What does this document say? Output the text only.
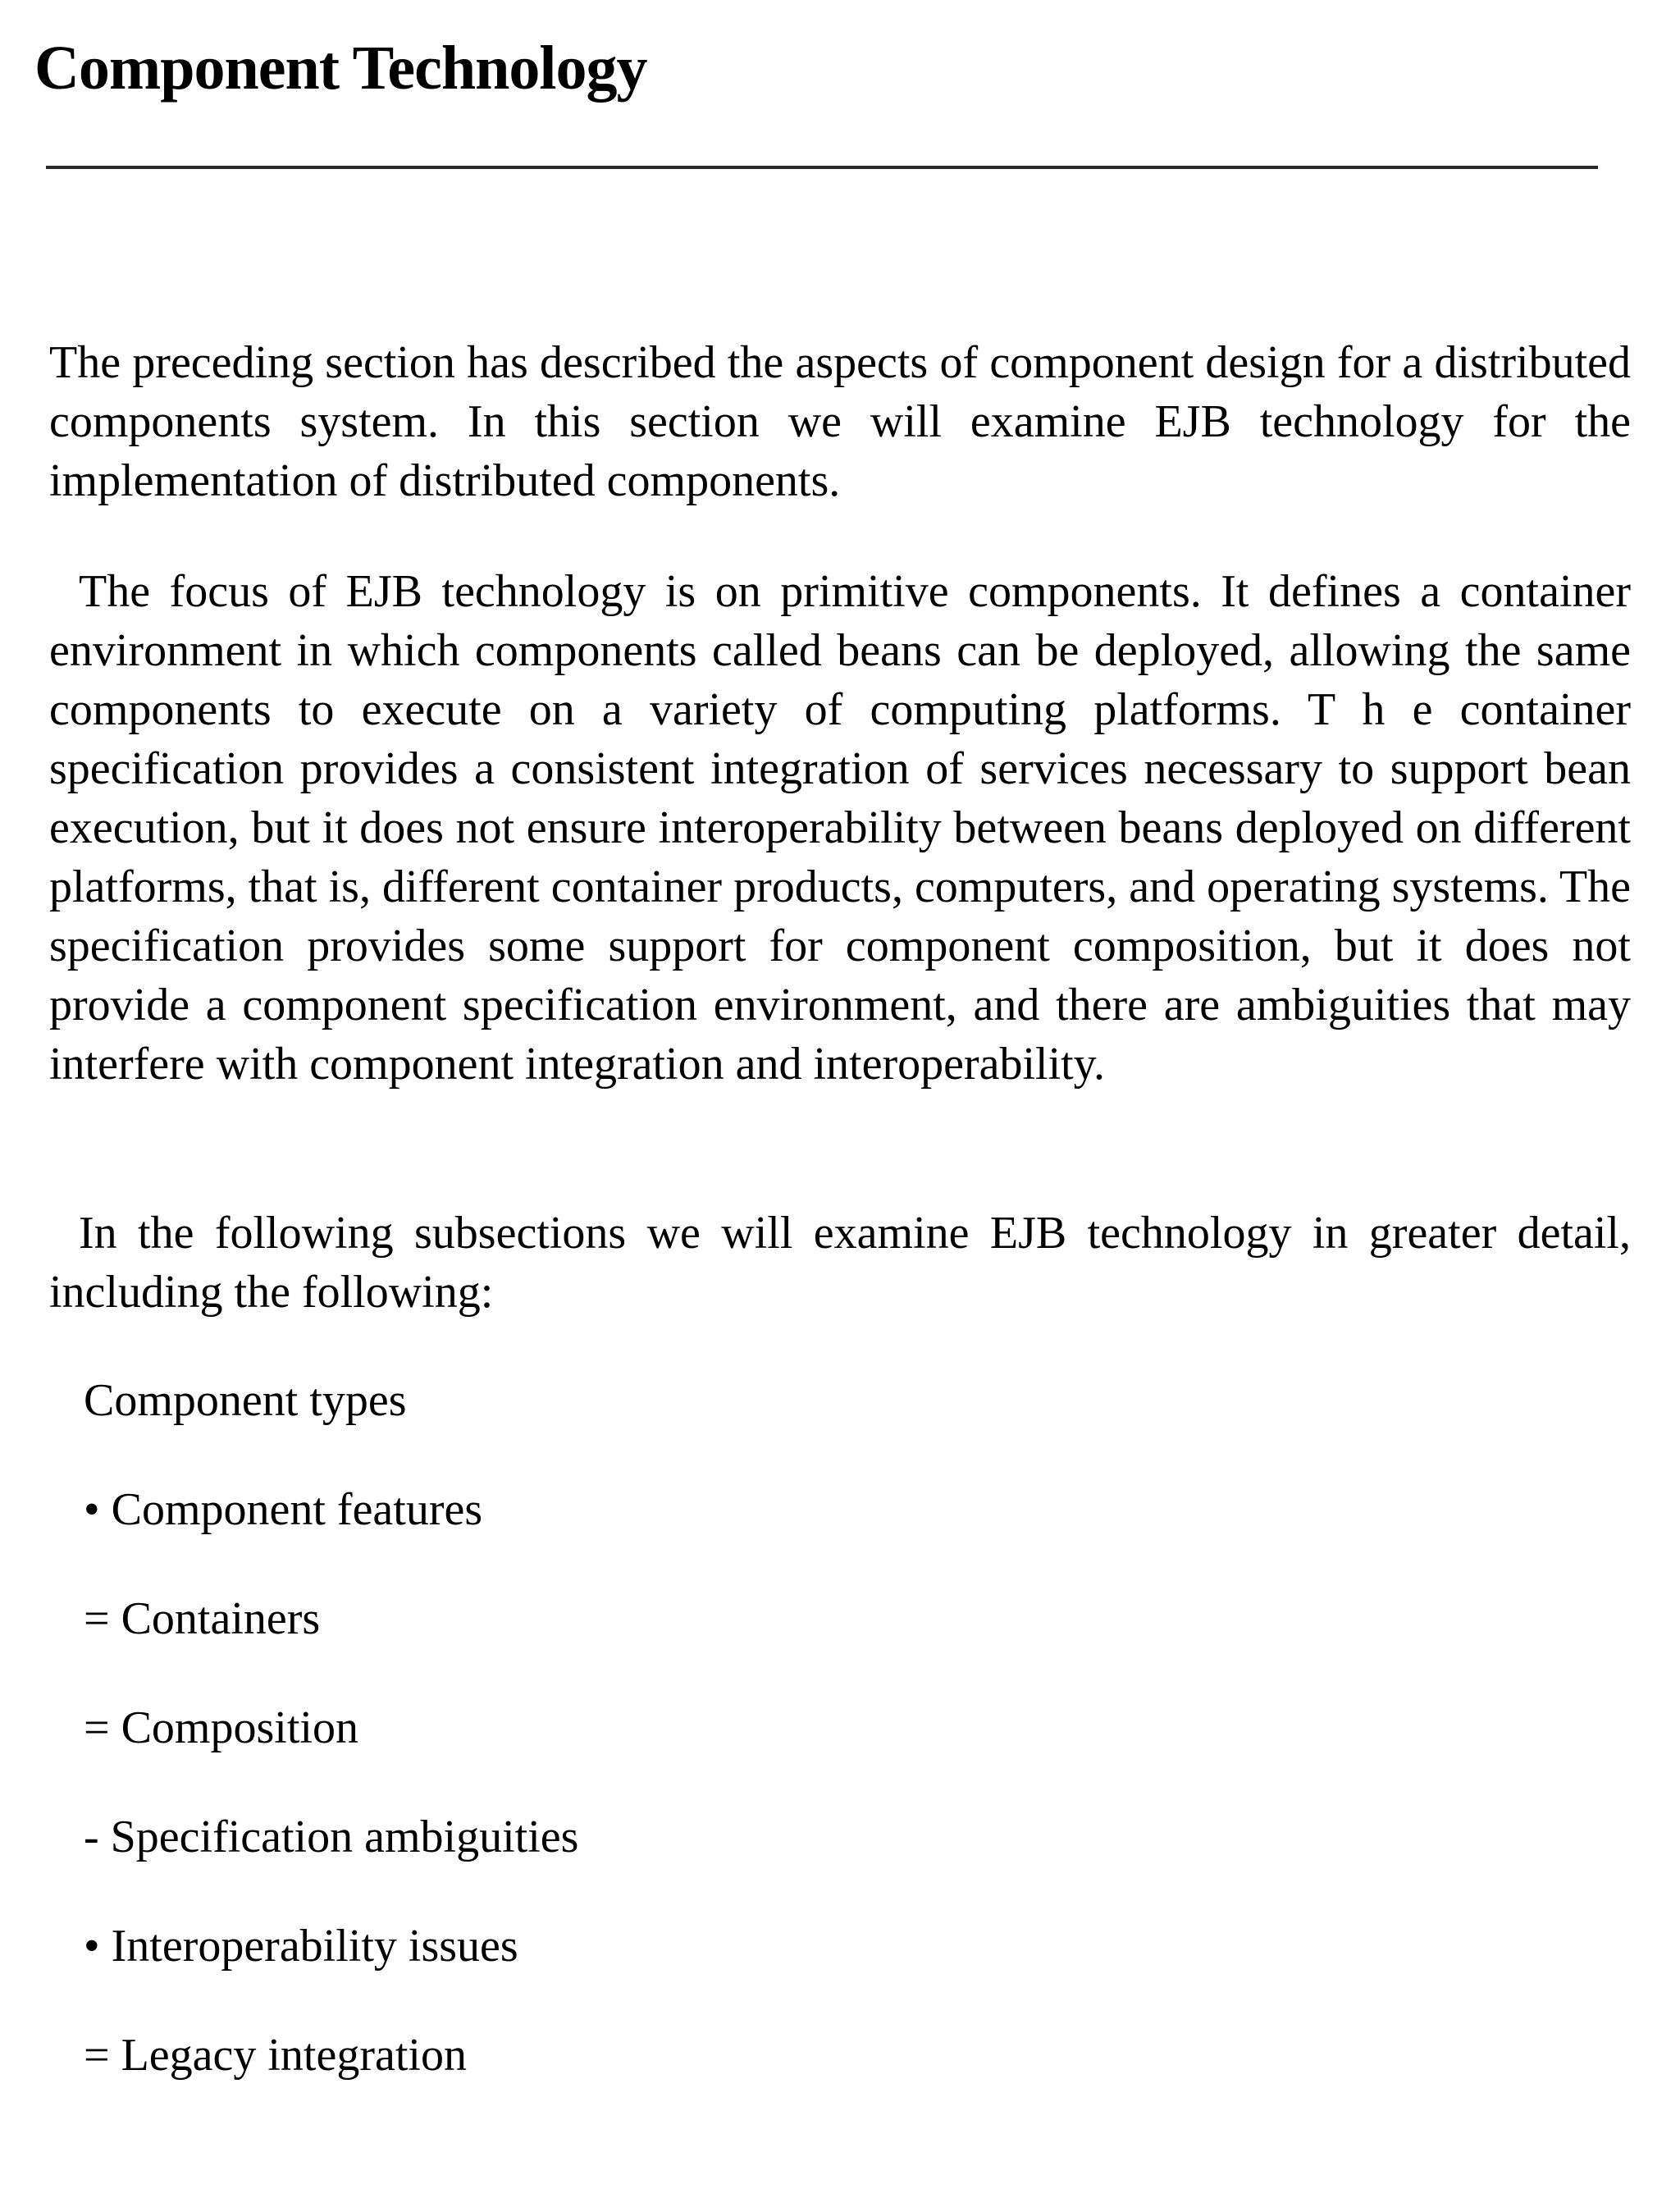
Component Technology

The preceding section has described the aspects of component design for a distributed components system. In this section we will examine EJB technology for the implementation of distributed components.

The focus of EJB technology is on primitive components. It defines a container environment in which components called beans can be deployed, allowing the same components to execute on a variety of computing platforms. T h e container specification provides a consistent integration of services necessary to support bean execution, but it does not ensure interoperability between beans deployed on different platforms, that is, different container products, computers, and operating systems. The specification provides some support for component composition, but it does not provide a component specification environment, and there are ambiguities that may interfere with component integration and interoperability.

In the following subsections we will examine EJB technology in greater detail, including the following:

Component types
• Component features
= Containers
= Composition
- Specification ambiguities
• Interoperability issues
= Legacy integration
